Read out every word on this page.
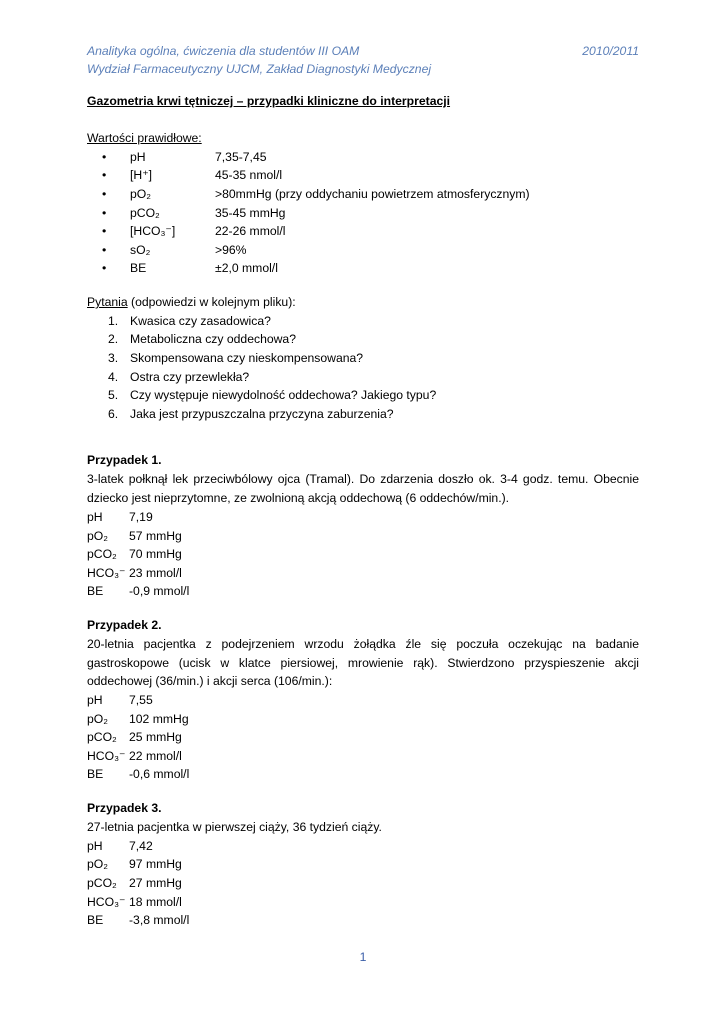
Analityka ogólna, ćwiczenia dla studentów III OAM	2010/2011
Wydział Farmaceutyczny UJCM, Zakład Diagnostyki Medycznej
Gazometria krwi tętniczej – przypadki kliniczne do interpretacji
Wartości prawidłowe:
• pH	7,35-7,45
• [H⁺]	45-35 nmol/l
• pO₂	>80mmHg (przy oddychaniu powietrzem atmosferycznym)
• pCO₂	35-45 mmHg
• [HCO₃⁻]	22-26 mmol/l
• sO₂	>96%
• BE	±2,0 mmol/l
Pytania (odpowiedzi w kolejnym pliku):
1. Kwasica czy zasadowica?
2. Metaboliczna czy oddechowa?
3. Skompensowana czy nieskompensowana?
4. Ostra czy przewlekła?
5. Czy występuje niewydolność oddechowa? Jakiego typu?
6. Jaka jest przypuszczalna przyczyna zaburzenia?
Przypadek 1.
3-latek połknął lek przeciwbólowy ojca (Tramal). Do zdarzenia doszło ok. 3-4 godz. temu. Obecnie dziecko jest nieprzytomne, ze zwolnioną akcją oddechową (6 oddechów/min.).
pH 7,19
pO₂ 57 mmHg
pCO₂ 70 mmHg
HCO₃⁻ 23 mmol/l
BE -0,9 mmol/l
Przypadek 2.
20-letnia pacjentka z podejrzeniem wrzodu żołądka źle się poczuła oczekując na badanie gastroskopowe (ucisk w klatce piersiowej, mrowienie rąk). Stwierdzono przyspieszenie akcji oddechowej (36/min.) i akcji serca (106/min.):
pH 7,55
pO₂ 102 mmHg
pCO₂ 25 mmHg
HCO₃⁻ 22 mmol/l
BE -0,6 mmol/l
Przypadek 3.
27-letnia pacjentka w pierwszej ciąży, 36 tydzień ciąży.
pH 7,42
pO₂ 97 mmHg
pCO₂ 27 mmHg
HCO₃⁻ 18 mmol/l
BE -3,8 mmol/l
1
